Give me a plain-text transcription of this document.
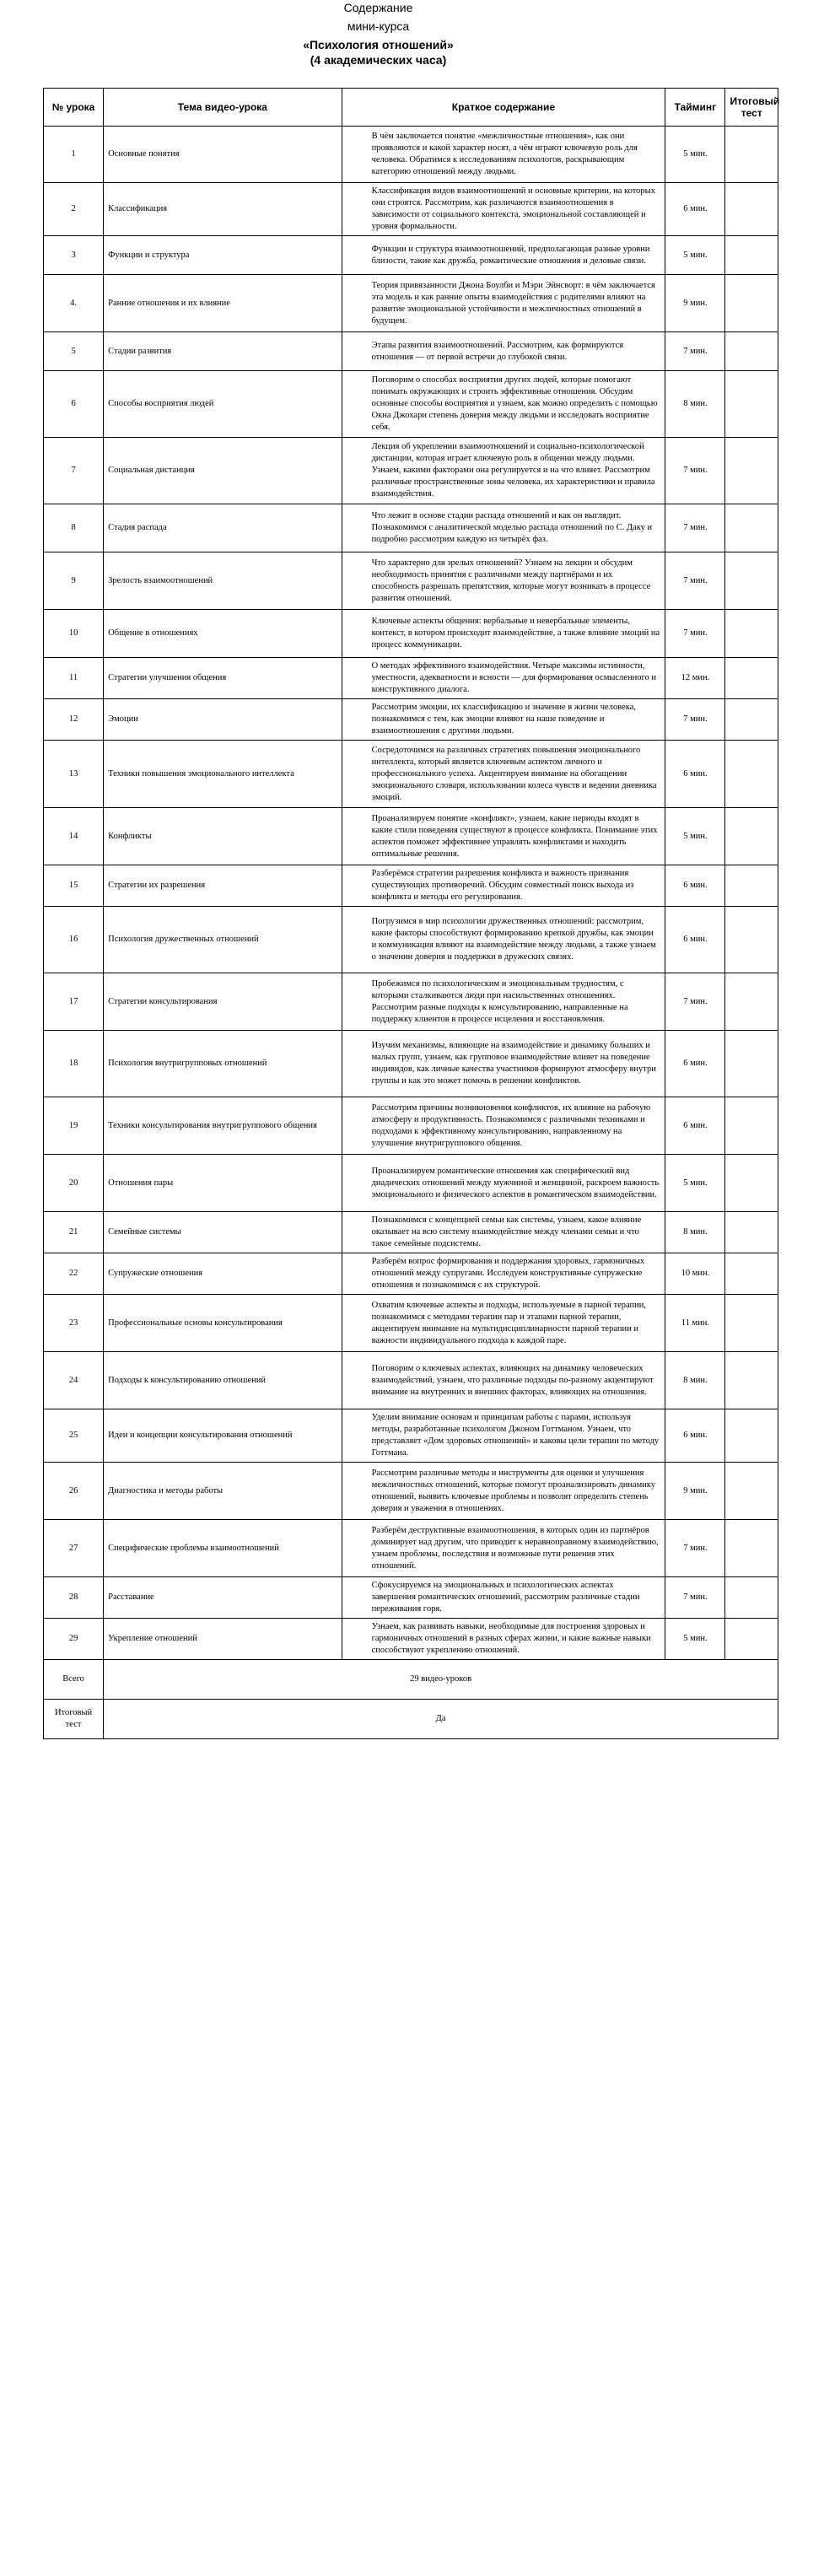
Содержание
мини-курса
«Психология отношений»
(4 академических часа)
№ урока	Тема видео-урока	Краткое содержание	Тайминг	Итоговый тест
1	Основные понятия	В чём заключается понятие «межличностные отношения», как они проявляются и какой характер носят, а чём играют ключевую роль для человека. Обратимся к исследованиям психологов, раскрывающим категорию отношений между людьми.	5 мин.	
2	Классификация	Классификация видов взаимоотношений и основные критерии, на которых они строятся. Рассмотрим, как различаются взаимоотношения в зависимости от социального контекста, эмоциональной составляющей и уровня формальности.	6 мин.	
3	Функции и структура	Функции и структура взаимоотношений, предполагающая разные уровни близости, такие как дружба, романтические отношения и деловые связи.	5 мин.	
4.	Ранние отношения и их влияние	Теория привязанности Джона Боулби и Мэри Эйнсворт: в чём заключается эта модель и как ранние опыты взаимодействия с родителями влияют на развитие эмоциональной устойчивости и межличностных отношений в будущем.	9 мин.	
5	Стадии развития	Этапы развития взаимоотношений. Рассмотрим, как формируются отношения — от первой встречи до глубокой связи.	7 мин.	
6	Способы восприятия людей	Поговорим о способах восприятия других людей, которые помогают понимать окружающих и строить эффективные отношения. Обсудим основные способы восприятия и узнаем, как можно определить с помощью Окна Джохари степень доверия между людьми и исследовать восприятие себя.	8 мин.	
7	Социальная дистанция	Лекция об укреплении взаимоотношений и социально-психологической дистанции, которая играет ключевую роль в общении между людьми. Узнаем, какими факторами она регулируется и на что влияет. Рассмотрим различные пространственные зоны человека, их характеристики и правила взаимодействия.	7 мин.	
8	Стадия распада	Что лежит в основе стадии распада отношений и как он выглядит. Познакомимся с аналитической моделью распада отношений по С. Даку и подробно рассмотрим каждую из четырёх фаз.	7 мин.	
9	Зрелость взаимоотношений	Что характерно для зрелых отношений? Узнаем на лекции и обсудим необходимость принятия с различными между партнёрами и их способность разрешать препятствия, которые могут возникать в процессе развития отношений.	7 мин.	
10	Общение в отношениях	Ключевые аспекты общения: вербальные и невербальные элементы, контекст, в котором происходит взаимодействие, а также влияние эмоций на процесс коммуникации.	7 мин.	
11	Стратегии улучшения общения	О методах эффективного взаимодействия. Четыре максимы истинности, уместности, адекватности и ясности — для формирования осмысленного и конструктивного диалога.	12 мин.	
12	Эмоции	Рассмотрим эмоции, их классификацию и значение в жизни человека, познакомимся с тем, как эмоции влияют на наше поведение и взаимоотношения с другими людьми.	7 мин.	
13	Техники повышения эмоционального интеллекта	Сосредоточимся на различных стратегиях повышения эмоционального интеллекта, который является ключевым аспектом личного и профессионального успеха. Акцентируем внимание на обогащении эмоционального словаря, использовании колеса чувств и ведении дневника эмоций.	6 мин.	
14	Конфликты	Проанализируем понятие «конфликт», узнаем, какие периоды входят в какие стили поведения существуют в процессе конфликта. Понимание этих аспектов поможет эффективнее управлять конфликтами и находить оптимальные решения.	5 мин.	
15	Стратегии их разрешения	Разберёмся стратегии разрешения конфликта и важность признания существующих противоречий. Обсудим совместный поиск выхода из конфликта и методы его регулирования.	6 мин.	
16	Психология дружественных отношений	Погрузимся в мир психологии дружественных отношений: рассмотрим, какие факторы способствуют формированию крепкой дружбы, как эмоции и коммуникация влияют на взаимодействие между людьми, а также узнаем о значении доверия и поддержки в дружеских связях.	6 мин.	
17	Стратегии консультирования	Пробежимся по психологическим и эмоциональным трудностям, с которыми сталкиваются люди при насильственных отношениях. Рассмотрим разные подходы к консультированию, направленные на поддержку клиентов в процессе исцеления и восстановления.	7 мин.	
18	Психология внутригрупповых отношений	Изучим механизмы, влияющие на взаимодействие и динамику больших и малых групп, узнаем, как групповое взаимодействие влияет на поведение индивидов, как личные качества участников формируют атмосферу внутри группы и как это может помочь в решении конфликтов.	6 мин.	
19	Техники консультирования внутригруппового общения	Рассмотрим причины возникновения конфликтов, их влияние на рабочую атмосферу и продуктивность. Познакомимся с различными техниками и подходами к эффективному консультированию, направленному на улучшение внутригруппового общения.	6 мин.	
20	Отношения пары	Проанализируем романтические отношения как специфический вид диадических отношений между мужчиной и женщиной, раскроем важность эмоционального и физического аспектов в романтическом взаимодействии.	5 мин.	
21	Семейные системы	Познакомимся с концепцией семьи как системы, узнаем, какое влияние оказывает на всю систему взаимодействие между членами семьи и что такое семейные подсистемы.	8 мин.	
22	Супружеские отношения	Разберём вопрос формирования и поддержания здоровых, гармоничных отношений между супругами. Исследуем конструктивные супружеские отношения и познакомимся с их структурой.	10 мин.	
23	Профессиональные основы консультирования	Охватим ключевые аспекты и подходы, используемые в парной терапии, познакомимся с методами терапии пар и этапами парной терапии, акцентируем внимание на мультидисциплинарности парной терапии и важности индивидуального подхода к каждой паре.	11 мин.	
24	Подходы к консультированию отношений	Поговорим о ключевых аспектах, влияющих на динамику человеческих взаимодействий, узнаем, что различные подходы по-разному акцентируют внимание на внутренних и внешних факторах, влияющих на отношения.	8 мин.	
25	Идеи и концепции консультирования отношений	Уделим внимание основам и принципам работы с парами, используя методы, разработанные психологом Джоном Готтманом. Узнаем, что представляет «Дом здоровых отношений» и каковы цели терапии по методу Готтмана.	6 мин.	
26	Диагностика и методы работы	Рассмотрим различные методы и инструменты для оценки и улучшения межличностных отношений, которые помогут проанализировать динамику отношений, выявить ключевые проблемы и позволят определить степень доверия и уважения в отношениях.	9 мин.	
27	Специфические проблемы взаимоотношений	Разберём деструктивные взаимоотношения, в которых один из партнёров доминирует над другим, что приводит к неравноправному взаимодействию, узнаем проблемы, последствия и возможные пути решения этих отношений.	7 мин.	
28	Расставание	Сфокусируемся на эмоциональных и психологических аспектах завершения романтических отношений, рассмотрим различные стадии переживания горя.	7 мин.	
29	Укрепление отношений	Узнаем, как развивать навыки, необходимые для построения здоровых и гармоничных отношений в разных сферах жизни, и какие важные навыки способствуют укреплению отношений.	5 мин.	
Всего	29 видео-уроков			
Итоговый тест	Да			
